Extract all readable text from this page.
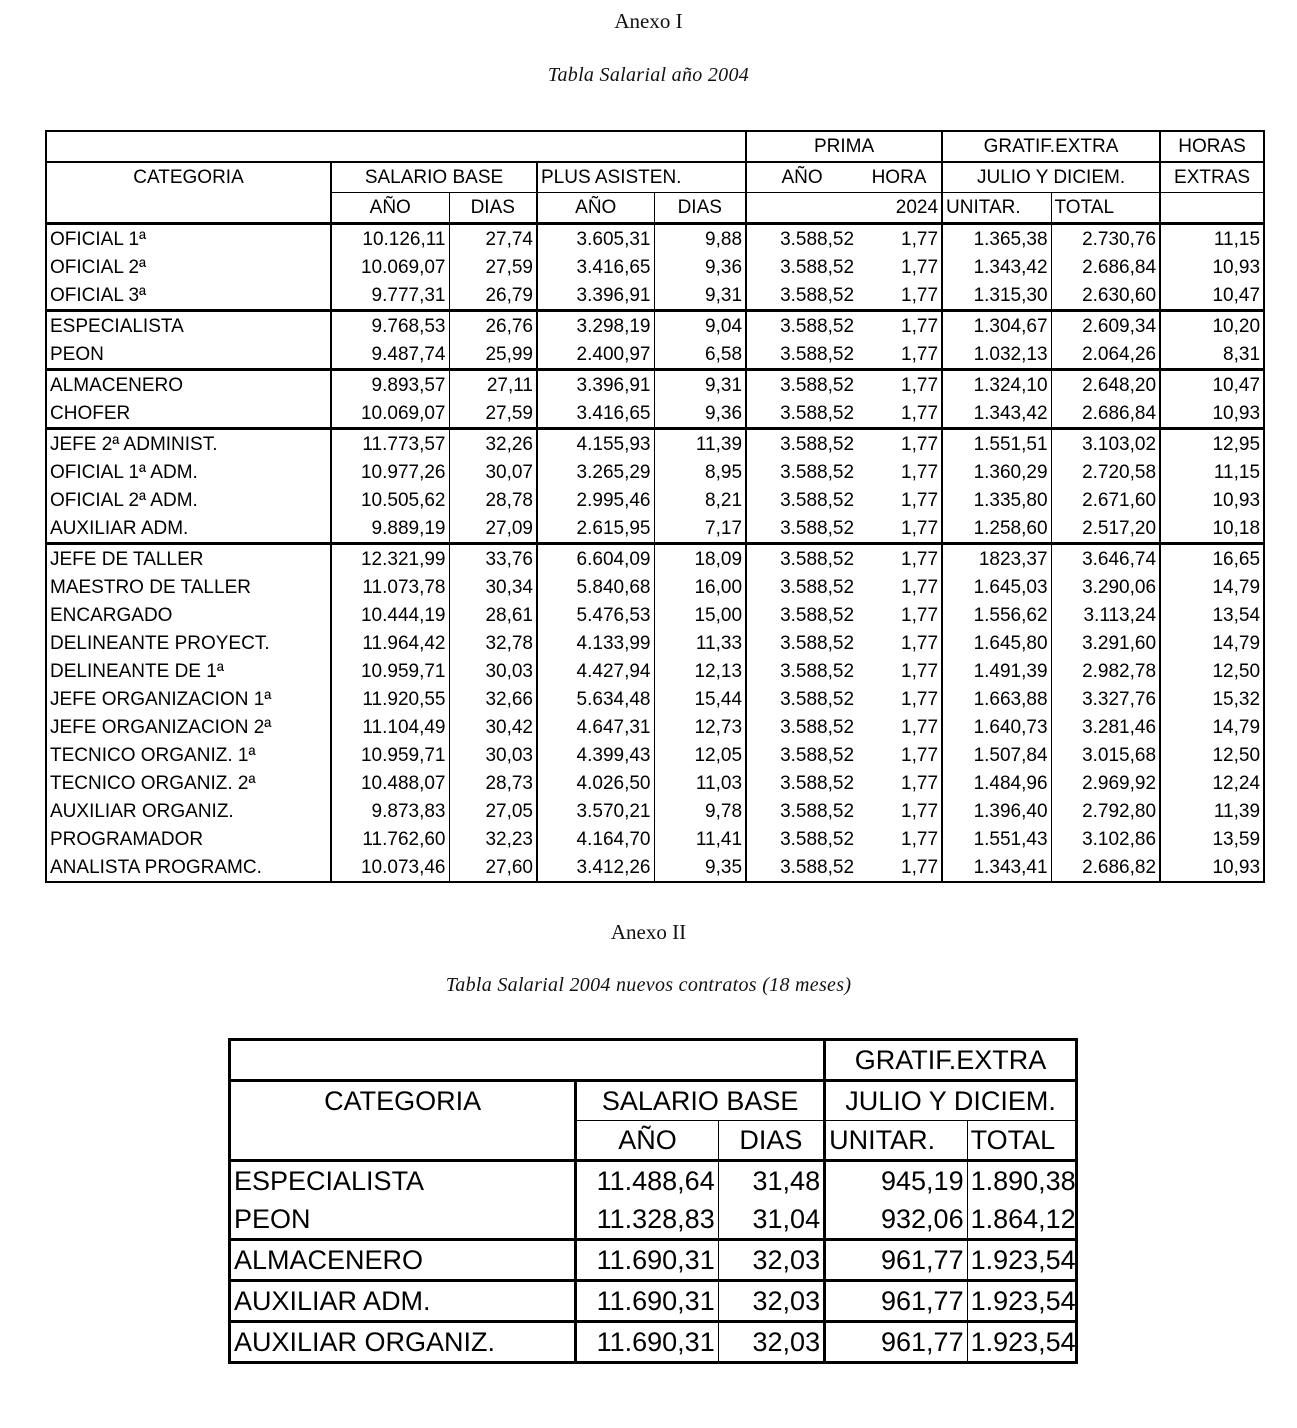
Anexo I
Tabla Salarial año 2004
					PRIMA		GRATIF.EXTRA		HORAS
CATEGORIA	SALARIO BASE		PLUS ASISTEN.		AÑO	HORA	JULIO Y DICIEM.		EXTRAS
	AÑO	DIAS	AÑO	DIAS		2024	UNITAR.	TOTAL	
OFICIAL 1ª	10.126,11	27,74	3.605,31	9,88	3.588,52	1,77	1.365,38	2.730,76	11,15
OFICIAL 2ª	10.069,07	27,59	3.416,65	9,36	3.588,52	1,77	1.343,42	2.686,84	10,93
OFICIAL 3ª	9.777,31	26,79	3.396,91	9,31	3.588,52	1,77	1.315,30	2.630,60	10,47
ESPECIALISTA	9.768,53	26,76	3.298,19	9,04	3.588,52	1,77	1.304,67	2.609,34	10,20
PEON	9.487,74	25,99	2.400,97	6,58	3.588,52	1,77	1.032,13	2.064,26	8,31
ALMACENERO	9.893,57	27,11	3.396,91	9,31	3.588,52	1,77	1.324,10	2.648,20	10,47
CHOFER	10.069,07	27,59	3.416,65	9,36	3.588,52	1,77	1.343,42	2.686,84	10,93
JEFE 2ª ADMINIST.	11.773,57	32,26	4.155,93	11,39	3.588,52	1,77	1.551,51	3.103,02	12,95
OFICIAL 1ª ADM.	10.977,26	30,07	3.265,29	8,95	3.588,52	1,77	1.360,29	2.720,58	11,15
OFICIAL 2ª ADM.	10.505,62	28,78	2.995,46	8,21	3.588,52	1,77	1.335,80	2.671,60	10,93
AUXILIAR ADM.	9.889,19	27,09	2.615,95	7,17	3.588,52	1,77	1.258,60	2.517,20	10,18
JEFE DE TALLER	12.321,99	33,76	6.604,09	18,09	3.588,52	1,77	1823,37	3.646,74	16,65
MAESTRO DE TALLER	11.073,78	30,34	5.840,68	16,00	3.588,52	1,77	1.645,03	3.290,06	14,79
ENCARGADO	10.444,19	28,61	5.476,53	15,00	3.588,52	1,77	1.556,62	3.113,24	13,54
DELINEANTE PROYECT.	11.964,42	32,78	4.133,99	11,33	3.588,52	1,77	1.645,80	3.291,60	14,79
DELINEANTE DE 1ª	10.959,71	30,03	4.427,94	12,13	3.588,52	1,77	1.491,39	2.982,78	12,50
JEFE ORGANIZACION 1ª	11.920,55	32,66	5.634,48	15,44	3.588,52	1,77	1.663,88	3.327,76	15,32
JEFE ORGANIZACION 2ª	11.104,49	30,42	4.647,31	12,73	3.588,52	1,77	1.640,73	3.281,46	14,79
TECNICO ORGANIZ. 1ª	10.959,71	30,03	4.399,43	12,05	3.588,52	1,77	1.507,84	3.015,68	12,50
TECNICO ORGANIZ. 2ª	10.488,07	28,73	4.026,50	11,03	3.588,52	1,77	1.484,96	2.969,92	12,24
AUXILIAR ORGANIZ.	9.873,83	27,05	3.570,21	9,78	3.588,52	1,77	1.396,40	2.792,80	11,39
PROGRAMADOR	11.762,60	32,23	4.164,70	11,41	3.588,52	1,77	1.551,43	3.102,86	13,59
ANALISTA PROGRAMC.	10.073,46	27,60	3.412,26	9,35	3.588,52	1,77	1.343,41	2.686,82	10,93
Anexo II
Tabla Salarial 2004 nuevos contratos (18 meses)
			GRATIF.EXTRA	
CATEGORIA	SALARIO BASE		JULIO Y DICIEM.	
	AÑO	DIAS	UNITAR.	TOTAL
ESPECIALISTA	11.488,64	31,48	945,19	1.890,38
PEON	11.328,83	31,04	932,06	1.864,12
ALMACENERO	11.690,31	32,03	961,77	1.923,54
AUXILIAR ADM.	11.690,31	32,03	961,77	1.923,54
AUXILIAR ORGANIZ.	11.690,31	32,03	961,77	1.923,54
